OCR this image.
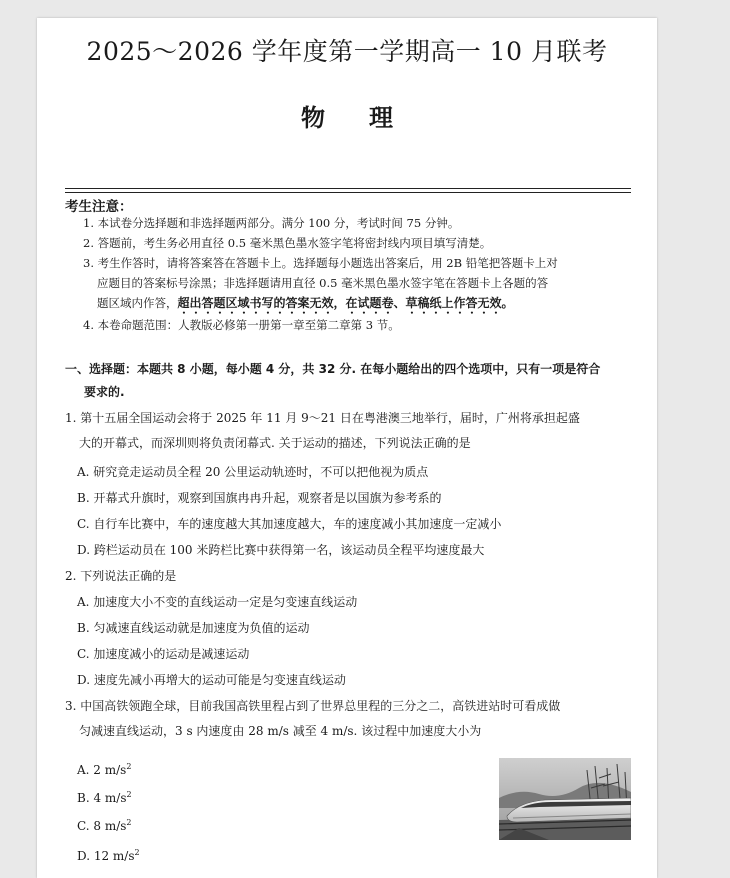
2025～2026 学年度第一学期高一 10 月联考
物 理
考生注意：
1. 本试卷分选择题和非选择题两部分。满分 100 分，考试时间 75 分钟。
2. 答题前，考生务必用直径 0.5 毫米黑色墨水签字笔将密封线内项目填写清楚。
3. 考生作答时，请将答案答在答题卡上。选择题每小题选出答案后，用 2B 铅笔把答题卡上对
应题目的答案标号涂黑；非选择题请用直径 0.5 毫米黑色墨水签字笔在答题卡上各题的答
题区域内作答，超出答题区域书写的答案无效，在试题卷、草稿纸上作答无效。
4. 本卷命题范围：人教版必修第一册第一章至第二章第 3 节。
一、选择题：本题共 8 小题，每小题 4 分，共 32 分. 在每小题给出的四个选项中，只有一项是符合
要求的.
1. 第十五届全国运动会将于 2025 年 11 月 9～21 日在粤港澳三地举行，届时，广州将承担起盛
大的开幕式，而深圳则将负责闭幕式. 关于运动的描述，下列说法正确的是
A. 研究竞走运动员全程 20 公里运动轨迹时，不可以把他视为质点
B. 开幕式升旗时，观察到国旗冉冉升起，观察者是以国旗为参考系的
C. 自行车比赛中，车的速度越大其加速度越大，车的速度减小其加速度一定减小
D. 跨栏运动员在 100 米跨栏比赛中获得第一名，该运动员全程平均速度最大
2. 下列说法正确的是
A. 加速度大小不变的直线运动一定是匀变速直线运动
B. 匀减速直线运动就是加速度为负值的运动
C. 加速度减小的运动是减速运动
D. 速度先减小再增大的运动可能是匀变速直线运动
3. 中国高铁领跑全球，目前我国高铁里程占到了世界总里程的三分之二，高铁进站时可看成做
匀减速直线运动，3 s 内速度由 28 m/s 减至 4 m/s. 该过程中加速度大小为
A. 2 $m/s^2$
B. 4 $m/s^2$
C. 8 $m/s^2$
D. 12 $m/s^2$
